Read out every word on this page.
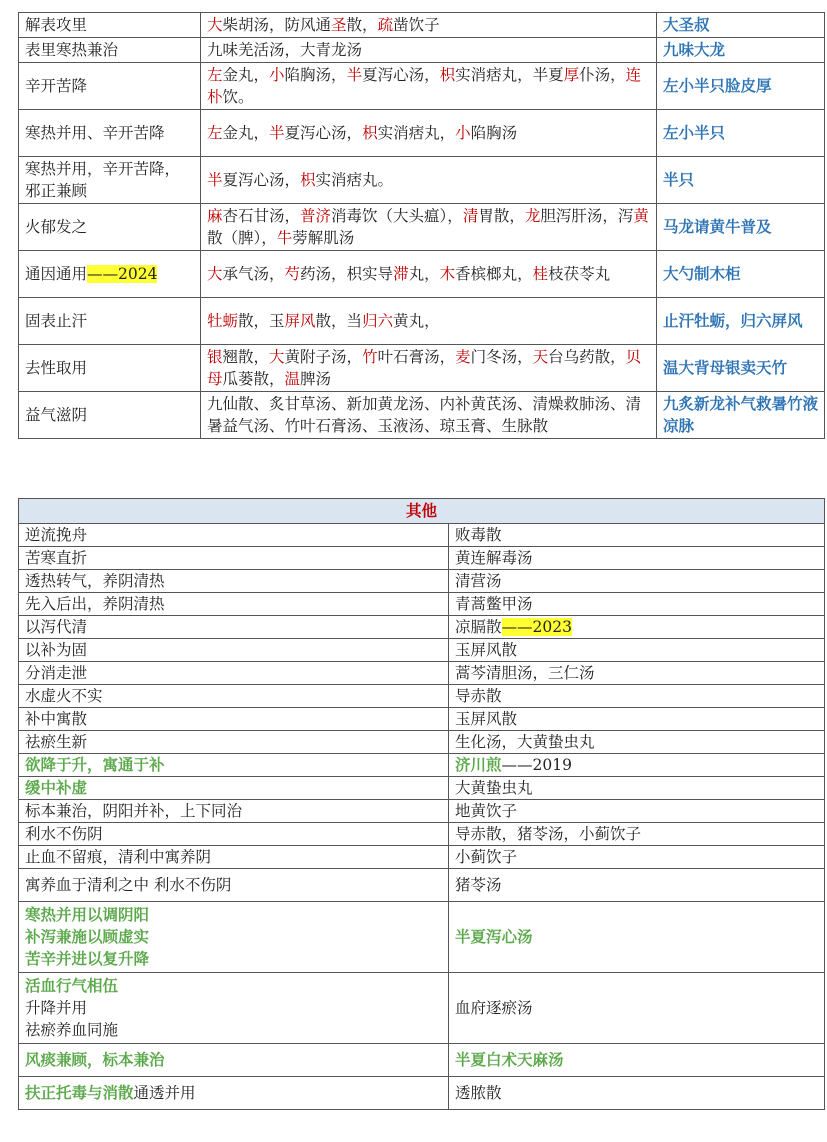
解表攻里	大柴胡汤，防风通圣散，疏凿饮子	大圣叔
表里寒热兼治	九味羌活汤，大青龙汤	九味大龙
辛开苦降	左金丸，小陷胸汤，半夏泻心汤，枳实消痞丸，半夏厚仆汤，连朴饮。	左小半只脸皮厚
寒热并用、辛开苦降	左金丸，半夏泻心汤，枳实消痞丸，小陷胸汤	左小半只
寒热并用，辛开苦降，邪正兼顾	半夏泻心汤，枳实消痞丸。	半只
火郁发之	麻杏石甘汤，普济消毒饮（大头瘟），清胃散，龙胆泻肝汤，泻黄散（脾），牛蒡解肌汤	马龙请黄牛普及
通因通用——2024	大承气汤，芍药汤，枳实导滞丸，木香槟榔丸，桂枝茯苓丸	大勺制木柜
固表止汗	牡蛎散，玉屏风散，当归六黄丸，	止汗牡蛎，归六屏风
去性取用	银翘散，大黄附子汤，竹叶石膏汤，麦门冬汤，天台乌药散，贝母瓜蒌散，温脾汤	温大背母银卖天竹
益气滋阴	九仙散、炙甘草汤、新加黄龙汤、内补黄芪汤、清燥救肺汤、清暑益气汤、竹叶石膏汤、玉液汤、琼玉膏、生脉散	九炙新龙补气救暑竹液凉脉
其他	
逆流挽舟	败毒散
苦寒直折	黄连解毒汤
透热转气，养阴清热	清营汤
先入后出，养阴清热	青蒿鳖甲汤
以泻代清	凉膈散——2023
以补为固	玉屏风散
分消走泄	蒿芩清胆汤，三仁汤
水虚火不实	导赤散
补中寓散	玉屏风散
祛瘀生新	生化汤，大黄蛰虫丸
欲降于升，寓通于补	济川煎——2019
缓中补虚	大黄蛰虫丸
标本兼治，阴阳并补，上下同治	地黄饮子
利水不伤阴	导赤散，猪苓汤，小蓟饮子
止血不留痕，清利中寓养阴	小蓟饮子
寓养血于清利之中 利水不伤阴	猪苓汤

寒热并用以调阴阳
补泻兼施以顾虚实
苦辛并进以复升降	半夏泻心汤

活血行气相伍
升降并用
祛瘀养血同施	血府逐瘀汤
风痰兼顾，标本兼治	半夏白术天麻汤
扶正托毒与消散通透并用	透脓散
